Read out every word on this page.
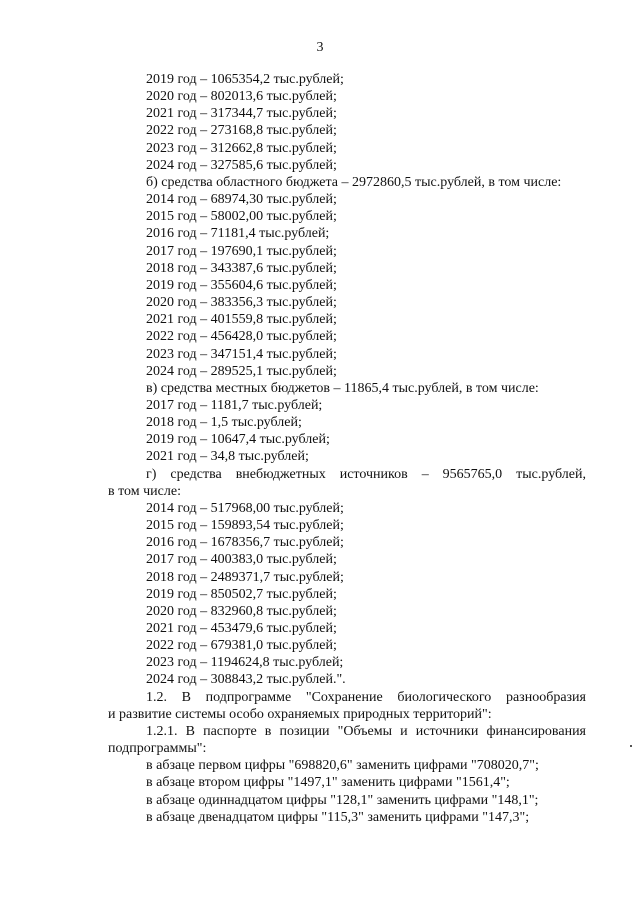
3
2019 год – 1065354,2 тыс.рублей;
2020 год – 802013,6 тыс.рублей;
2021 год – 317344,7 тыс.рублей;
2022 год – 273168,8 тыс.рублей;
2023 год – 312662,8 тыс.рублей;
2024 год – 327585,6 тыс.рублей;
б) средства областного бюджета – 2972860,5 тыс.рублей, в том числе:
2014 год – 68974,30 тыс.рублей;
2015 год – 58002,00 тыс.рублей;
2016 год – 71181,4 тыс.рублей;
2017 год – 197690,1 тыс.рублей;
2018 год – 343387,6 тыс.рублей;
2019 год – 355604,6 тыс.рублей;
2020 год – 383356,3 тыс.рублей;
2021 год – 401559,8 тыс.рублей;
2022 год – 456428,0 тыс.рублей;
2023 год – 347151,4 тыс.рублей;
2024 год – 289525,1 тыс.рублей;
в) средства местных бюджетов – 11865,4 тыс.рублей, в том числе:
2017 год – 1181,7 тыс.рублей;
2018 год – 1,5 тыс.рублей;
2019 год – 10647,4 тыс.рублей;
2021 год – 34,8 тыс.рублей;
г) средства внебюджетных источников – 9565765,0 тыс.рублей,
в том числе:
2014 год – 517968,00 тыс.рублей;
2015 год – 159893,54 тыс.рублей;
2016 год – 1678356,7 тыс.рублей;
2017 год – 400383,0 тыс.рублей;
2018 год – 2489371,7 тыс.рублей;
2019 год – 850502,7 тыс.рублей;
2020 год – 832960,8 тыс.рублей;
2021 год – 453479,6 тыс.рублей;
2022 год – 679381,0 тыс.рублей;
2023 год – 1194624,8 тыс.рублей;
2024 год – 308843,2 тыс.рублей.".
1.2. В подпрограмме "Сохранение биологического разнообразия
и развитие системы особо охраняемых природных территорий":
1.2.1. В паспорте в позиции "Объемы и источники финансирования
подпрограммы":
в абзаце первом цифры "698820,6" заменить цифрами "708020,7";
в абзаце втором цифры "1497,1" заменить цифрами "1561,4";
в абзаце одиннадцатом цифры "128,1" заменить цифрами "148,1";
в абзаце двенадцатом цифры "115,3" заменить цифрами "147,3";
